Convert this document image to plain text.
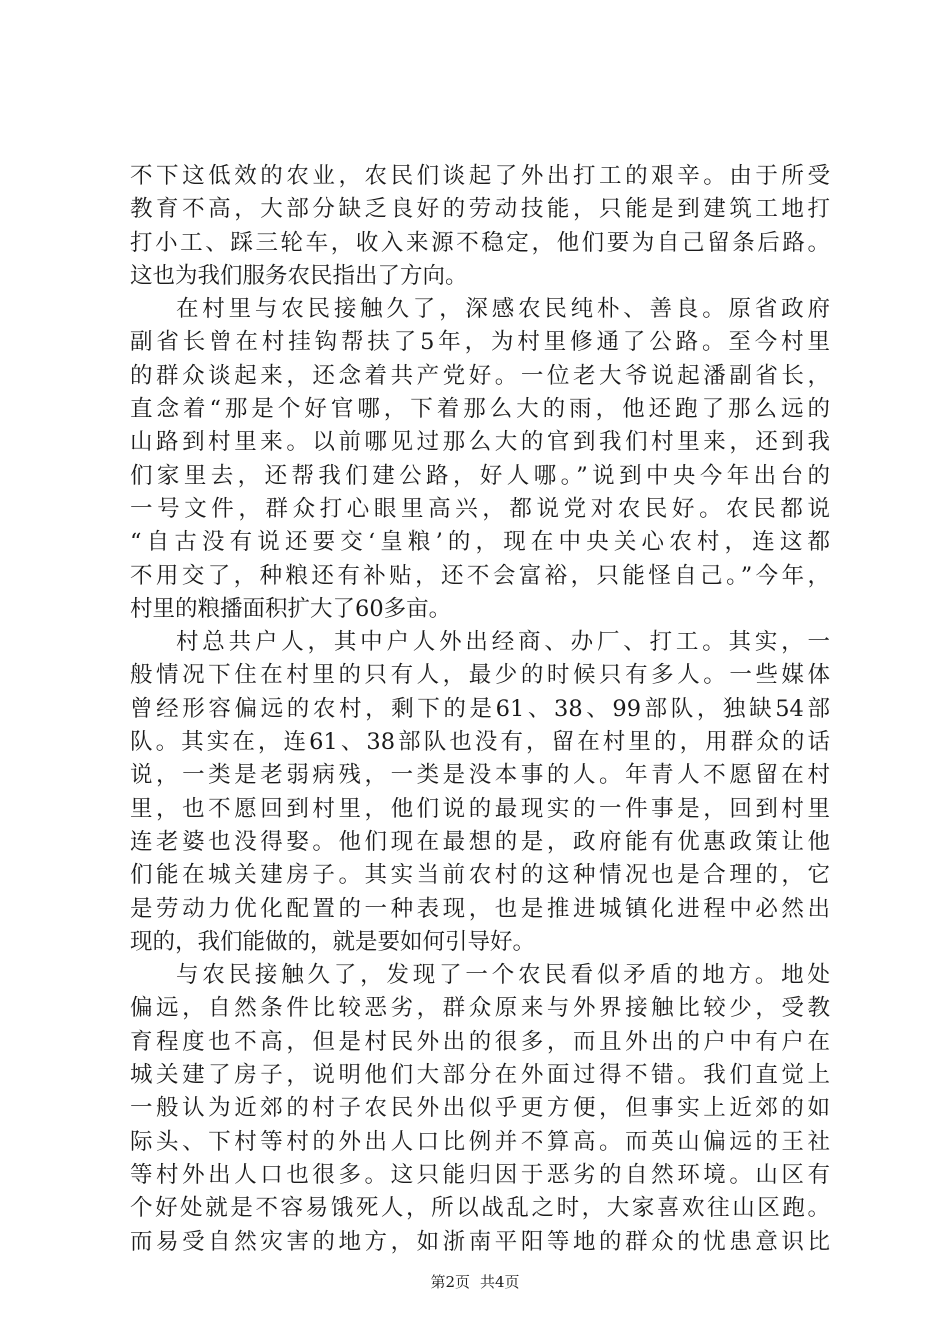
不下这低效的农业，农民们谈起了外出打工的艰辛。由于所受
教育不高，大部分缺乏良好的劳动技能，只能是到建筑工地打
打小工、踩三轮车，收入来源不稳定，他们要为自己留条后路。
这也为我们服务农民指出了方向。
在村里与农民接触久了，深感农民纯朴、善良。原省政府
副省长曾在村挂钩帮扶了5年，为村里修通了公路。至今村里
的群众谈起来，还念着共产党好。一位老大爷说起潘副省长，
直念着“那是个好官哪，下着那么大的雨，他还跑了那么远的
山路到村里来。以前哪见过那么大的官到我们村里来，还到我
们家里去，还帮我们建公路，好人哪。”说到中央今年出台的
一号文件，群众打心眼里高兴，都说党对农民好。农民都说
“自古没有说还要交‘皇粮’的，现在中央关心农村，连这都
不用交了，种粮还有补贴，还不会富裕，只能怪自己。”今年，
村里的粮播面积扩大了60多亩。
村总共户人，其中户人外出经商、办厂、打工。其实，一
般情况下住在村里的只有人，最少的时候只有多人。一些媒体
曾经形容偏远的农村，剩下的是61、38、99部队，独缺54部
队。其实在，连61、38部队也没有，留在村里的，用群众的话
说，一类是老弱病残，一类是没本事的人。年青人不愿留在村
里，也不愿回到村里，他们说的最现实的一件事是，回到村里
连老婆也没得娶。他们现在最想的是，政府能有优惠政策让他
们能在城关建房子。其实当前农村的这种情况也是合理的，它
是劳动力优化配置的一种表现，也是推进城镇化进程中必然出
现的，我们能做的，就是要如何引导好。
与农民接触久了，发现了一个农民看似矛盾的地方。地处
偏远，自然条件比较恶劣，群众原来与外界接触比较少，受教
育程度也不高，但是村民外出的很多，而且外出的户中有户在
城关建了房子，说明他们大部分在外面过得不错。我们直觉上
一般认为近郊的村子农民外出似乎更方便，但事实上近郊的如
际头、下村等村的外出人口比例并不算高。而英山偏远的王社
等村外出人口也很多。这只能归因于恶劣的自然环境。山区有
个好处就是不容易饿死人，所以战乱之时，大家喜欢往山区跑。
而易受自然灾害的地方，如浙南平阳等地的群众的忧患意识比
第2页 共4页
